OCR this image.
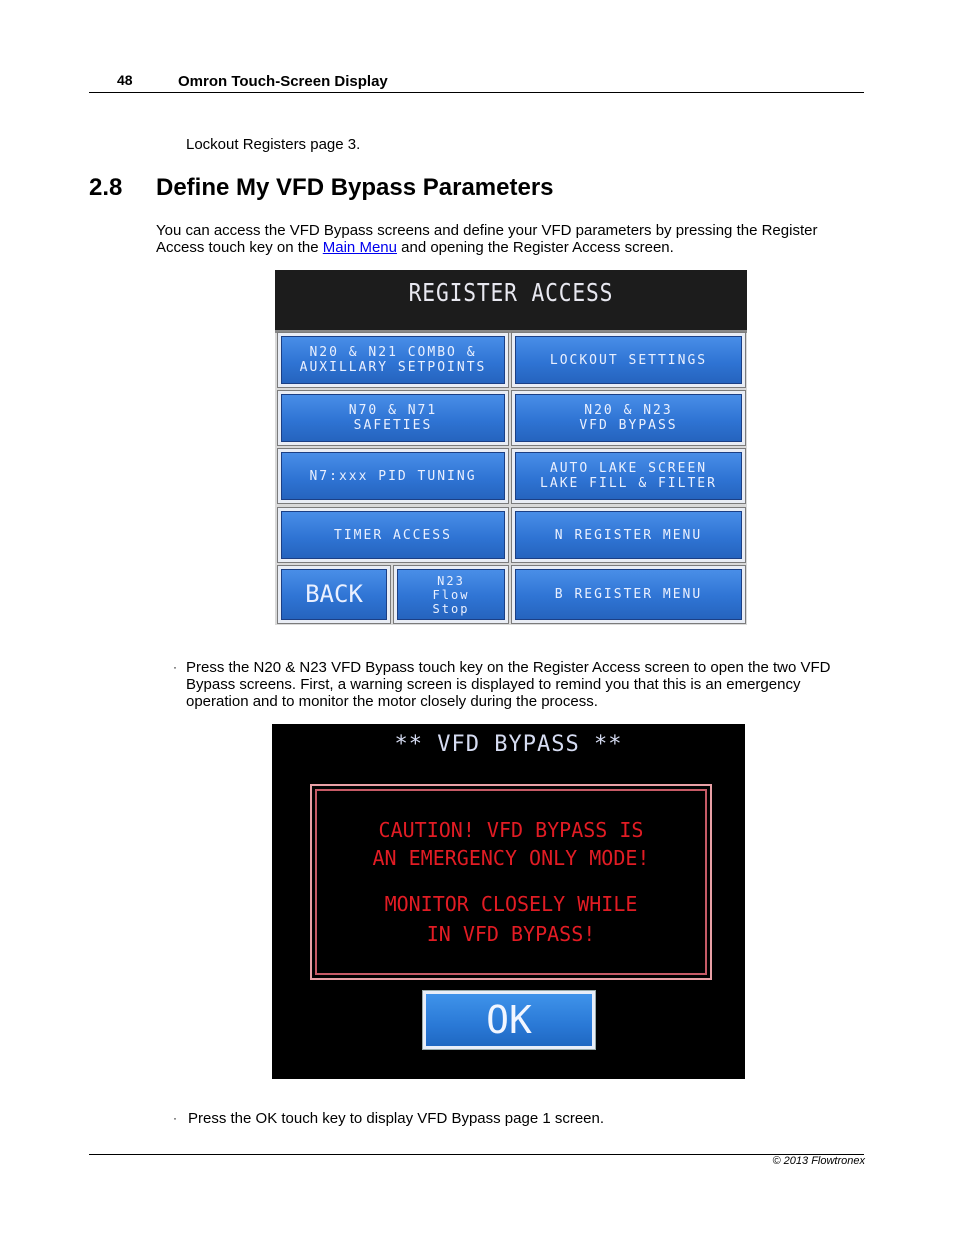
48	Omron Touch-Screen Display
Lockout Registers page 3.
2.8 Define My VFD Bypass Parameters
You can access the VFD Bypass screens and define your VFD parameters by pressing the Register Access touch key on the Main Menu and opening the Register Access screen.
REGISTER ACCESS
N20 & N21 COMBO &
AUXILLARY SETPOINTS	LOCKOUT SETTINGS
N70 & N71
SAFETIES
N20 & N23
VFD BYPASS
N7:xxx PID TUNING	AUTO LAKE SCREEN
LAKE FILL & FILTER
TIMER ACCESS	N REGISTER MENU
BACK	N23
Flow
Stop
B REGISTER MENU
· Press the N20 & N23 VFD Bypass touch key on the Register Access screen to open the two VFD Bypass screens. First, a warning screen is displayed to remind you that this is an emergency operation and to monitor the motor closely during the process.
** VFD BYPASS **
CAUTION! VFD BYPASS IS
AN EMERGENCY ONLY MODE!
MONITOR CLOSELY WHILE
IN VFD BYPASS!
OK
· Press the OK touch key to display VFD Bypass page 1 screen.
© 2013 Flowtronex
